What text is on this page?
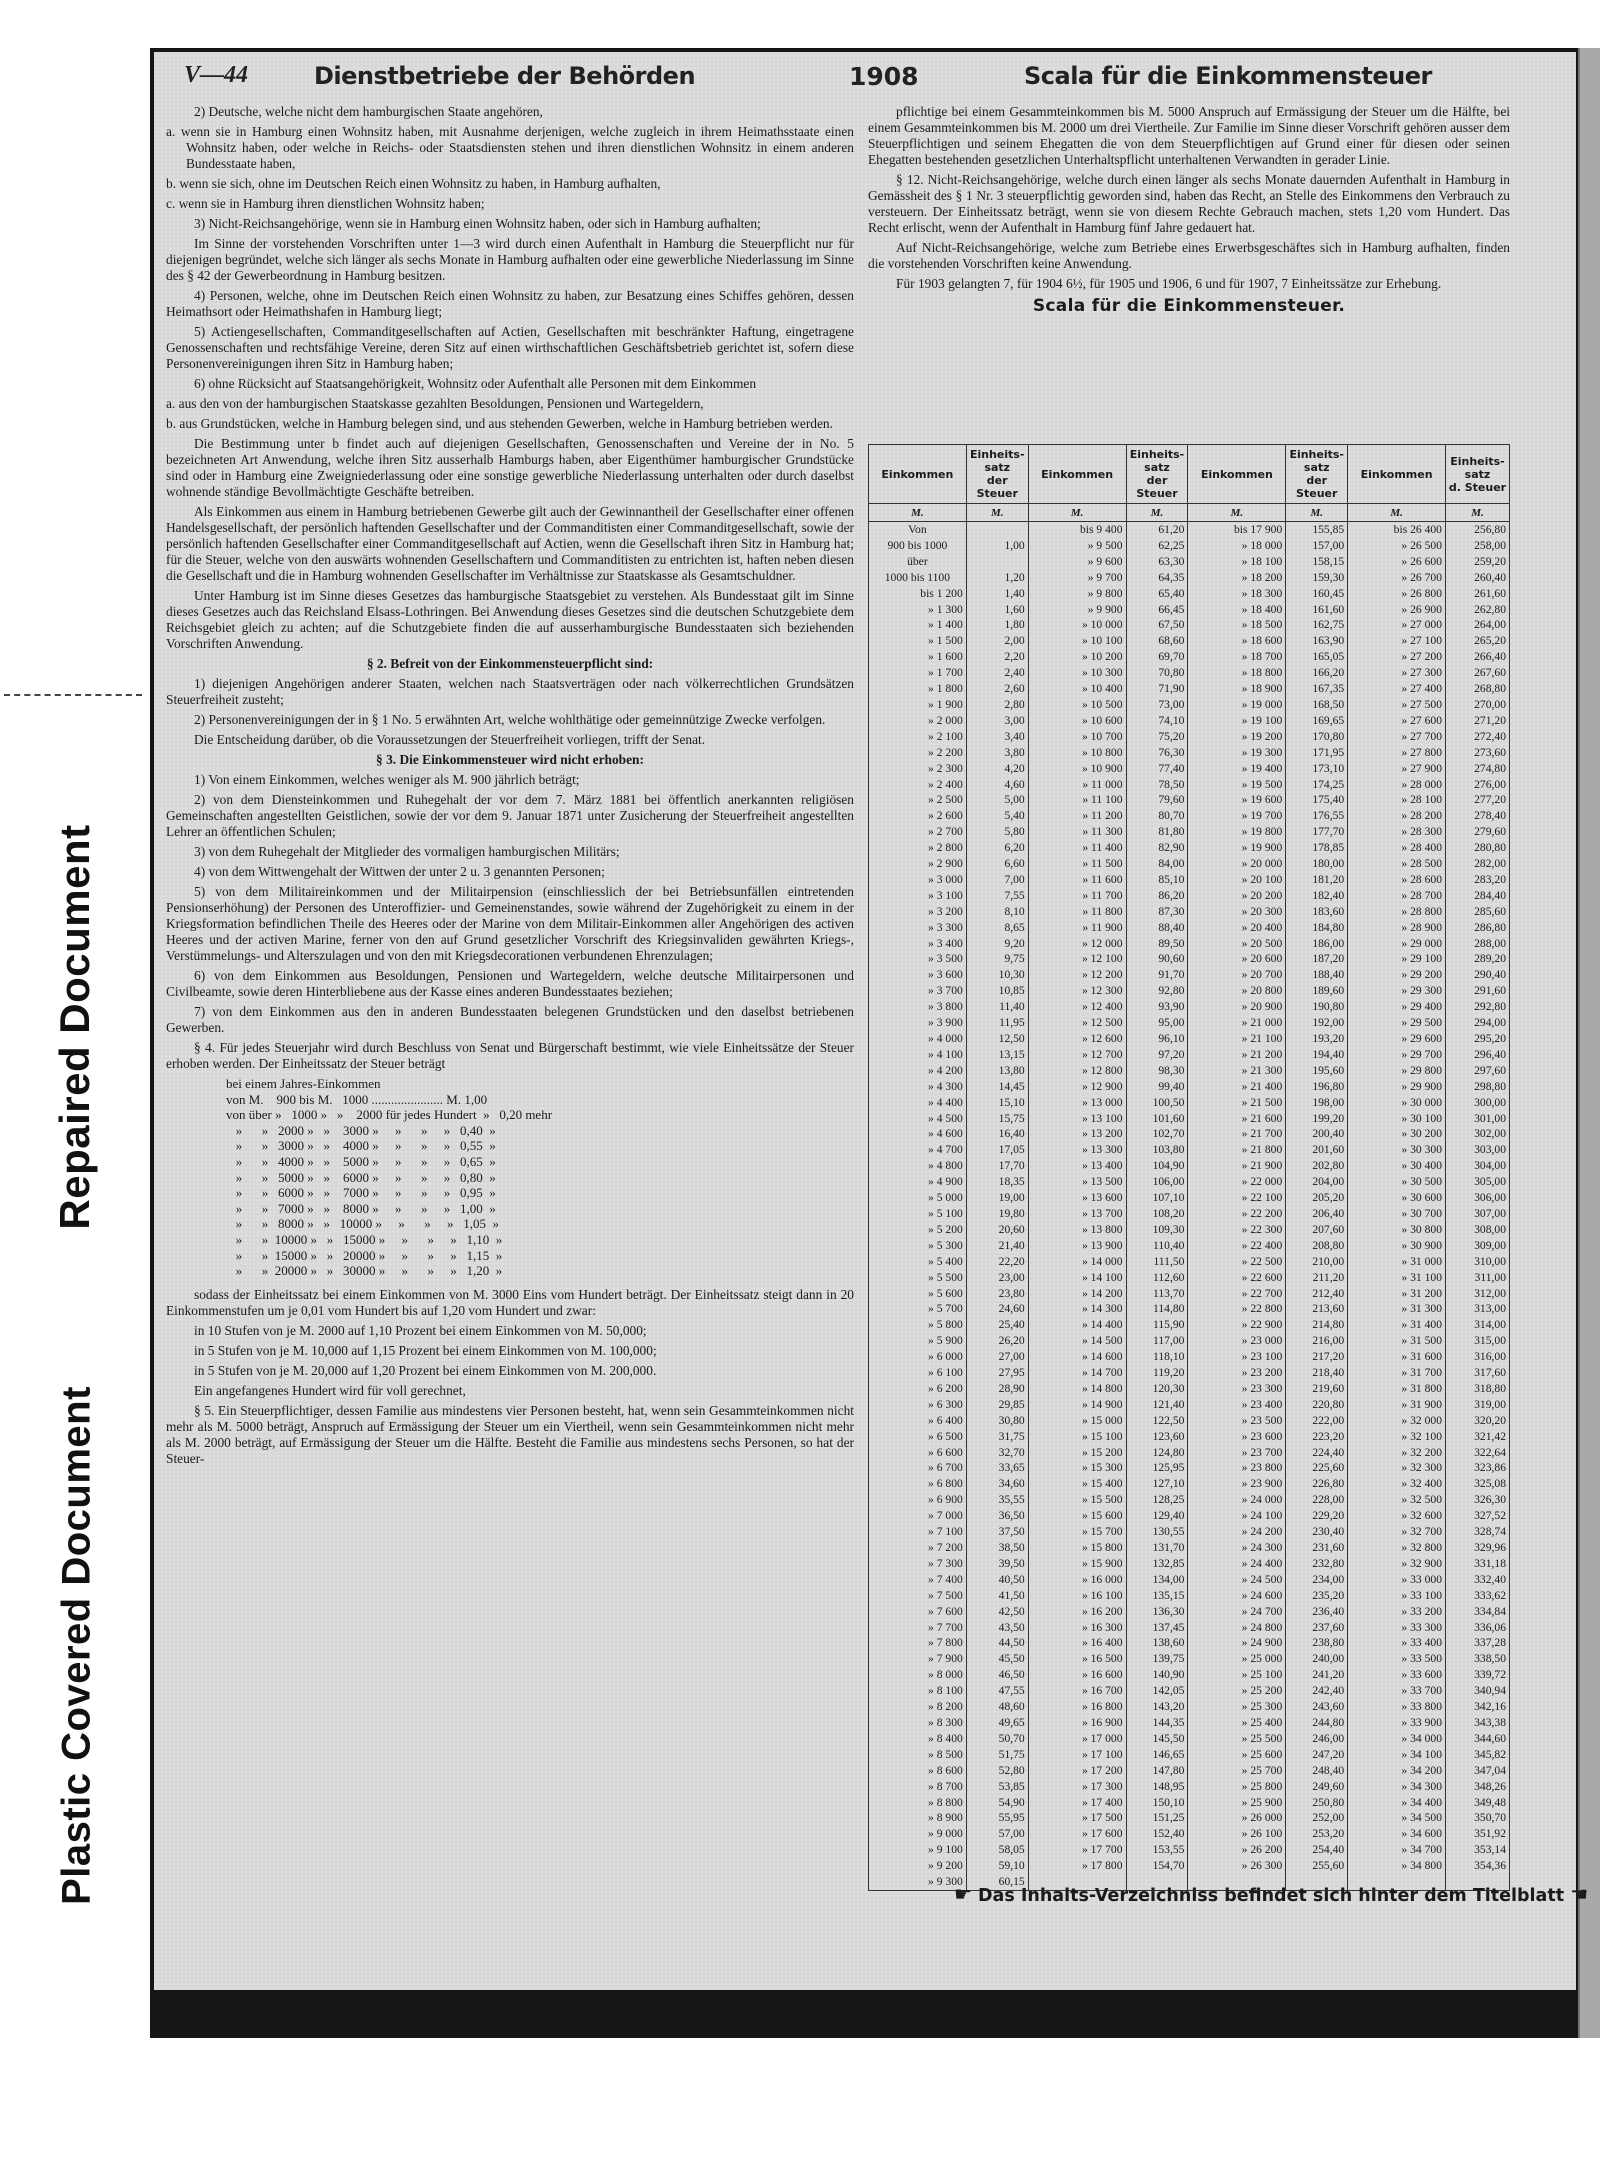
Repaired Document
Plastic Covered Document
V—44	Dienstbetriebe der Behörden	1908	Scala für die Einkommensteuer

2) Deutsche, welche nicht dem hamburgischen Staate angehören,

a. wenn sie in Hamburg einen Wohnsitz haben, mit Ausnahme derjenigen, welche zugleich in ihrem Heimathsstaate einen Wohnsitz haben, oder welche in Reichs- oder Staatsdiensten stehen und ihren dienstlichen Wohnsitz in einem anderen Bundesstaate haben,

b. wenn sie sich, ohne im Deutschen Reich einen Wohnsitz zu haben, in Hamburg aufhalten,

c. wenn sie in Hamburg ihren dienstlichen Wohnsitz haben;

3) Nicht-Reichsangehörige, wenn sie in Hamburg einen Wohnsitz haben, oder sich in Hamburg aufhalten;

Im Sinne der vorstehenden Vorschriften unter 1—3 wird durch einen Aufenthalt in Hamburg die Steuerpflicht nur für diejenigen begründet, welche sich länger als sechs Monate in Hamburg aufhalten oder eine gewerbliche Niederlassung im Sinne des § 42 der Gewerbeordnung in Hamburg besitzen.

4) Personen, welche, ohne im Deutschen Reich einen Wohnsitz zu haben, zur Besatzung eines Schiffes gehören, dessen Heimathsort oder Heimathshafen in Hamburg liegt;

5) Actiengesellschaften, Commanditgesellschaften auf Actien, Gesellschaften mit beschränkter Haftung, eingetragene Genossenschaften und rechtsfähige Vereine, deren Sitz auf einen wirthschaftlichen Geschäftsbetrieb gerichtet ist, sofern diese Personenvereinigungen ihren Sitz in Hamburg haben;

6) ohne Rücksicht auf Staatsangehörigkeit, Wohnsitz oder Aufenthalt alle Personen mit dem Einkommen

a. aus den von der hamburgischen Staatskasse gezahlten Besoldungen, Pensionen und Wartegeldern,

b. aus Grundstücken, welche in Hamburg belegen sind, und aus stehenden Gewerben, welche in Hamburg betrieben werden.

Die Bestimmung unter b findet auch auf diejenigen Gesellschaften, Genossenschaften und Vereine der in No. 5 bezeichneten Art Anwendung, welche ihren Sitz ausserhalb Hamburgs haben, aber Eigenthümer hamburgischer Grundstücke sind oder in Hamburg eine Zweigniederlassung oder eine sonstige gewerbliche Niederlassung unterhalten oder durch daselbst wohnende ständige Bevollmächtigte Geschäfte betreiben.

Als Einkommen aus einem in Hamburg betriebenen Gewerbe gilt auch der Gewinnantheil der Gesellschafter einer offenen Handelsgesellschaft, der persönlich haftenden Gesellschafter und der Commanditisten einer Commanditgesellschaft, sowie der persönlich haftenden Gesellschafter einer Commanditgesellschaft auf Actien, wenn die Gesellschaft ihren Sitz in Hamburg hat; für die Steuer, welche von den auswärts wohnenden Gesellschaftern und Commanditisten zu entrichten ist, haften neben diesen die Gesellschaft und die in Hamburg wohnenden Gesellschafter im Verhältnisse zur Staatskasse als Gesamtschuldner.

Unter Hamburg ist im Sinne dieses Gesetzes das hamburgische Staatsgebiet zu verstehen. Als Bundesstaat gilt im Sinne dieses Gesetzes auch das Reichsland Elsass-Lothringen. Bei Anwendung dieses Gesetzes sind die deutschen Schutzgebiete dem Reichsgebiet gleich zu achten; auf die Schutzgebiete finden die auf ausserhamburgische Bundesstaaten sich beziehenden Vorschriften Anwendung.

§ 2. Befreit von der Einkommensteuerpflicht sind:

1) diejenigen Angehörigen anderer Staaten, welchen nach Staatsverträgen oder nach völkerrechtlichen Grundsätzen Steuerfreiheit zusteht;

2) Personenvereinigungen der in § 1 No. 5 erwähnten Art, welche wohlthätige oder gemeinnützige Zwecke verfolgen.

Die Entscheidung darüber, ob die Voraussetzungen der Steuerfreiheit vorliegen, trifft der Senat.

§ 3. Die Einkommensteuer wird nicht erhoben:

1) Von einem Einkommen, welches weniger als M. 900 jährlich beträgt;

2) von dem Diensteinkommen und Ruhegehalt der vor dem 7. März 1881 bei öffentlich anerkannten religiösen Gemeinschaften angestellten Geistlichen, sowie der vor dem 9. Januar 1871 unter Zusicherung der Steuerfreiheit angestellten Lehrer an öffentlichen Schulen;

3) von dem Ruhegehalt der Mitglieder des vormaligen hamburgischen Militärs;

4) von dem Wittwengehalt der Wittwen der unter 2 u. 3 genannten Personen;

5) von dem Militaireinkommen und der Militairpension (einschliesslich der bei Betriebsunfällen eintretenden Pensionserhöhung) der Personen des Unteroffizier- und Gemeinenstandes, sowie während der Zugehörigkeit zu einem in der Kriegsformation befindlichen Theile des Heeres oder der Marine von dem Militair-Einkommen aller Angehörigen des activen Heeres und der activen Marine, ferner von den auf Grund gesetzlicher Vorschrift des Kriegsinvaliden gewährten Kriegs-, Verstümmelungs- und Alterszulagen und von den mit Kriegsdecorationen verbundenen Ehrenzulagen;

6) von dem Einkommen aus Besoldungen, Pensionen und Wartegeldern, welche deutsche Militairpersonen und Civilbeamte, sowie deren Hinterbliebene aus der Kasse eines anderen Bundesstaates beziehen;

7) von dem Einkommen aus den in anderen Bundesstaaten belegenen Grundstücken und den daselbst betriebenen Gewerben.

§ 4. Für jedes Steuerjahr wird durch Beschluss von Senat und Bürgerschaft bestimmt, wie viele Einheitssätze der Steuer erhoben werden. Der Einheitssatz der Steuer beträgt

bei einem Jahres-Einkommen
von M.    900 bis M.   1000 ...................... M. 1,00
von über »   1000 »   »    2000 für jedes Hundert  »   0,20 mehr
»      »   2000 »   »    3000 »     »      »     »   0,40  »
»      »   3000 »   »    4000 »     »      »     »   0,55  »
»      »   4000 »   »    5000 »     »      »     »   0,65  »
»      »   5000 »   »    6000 »     »      »     »   0,80  »
»      »   6000 »   »    7000 »     »      »     »   0,95  »
»      »   7000 »   »    8000 »     »      »     »   1,00  »
»      »   8000 »   »   10000 »     »      »     »   1,05  »
»      »  10000 »   »   15000 »     »      »     »   1,10  »
»      »  15000 »   »   20000 »     »      »     »   1,15  »
»      »  20000 »   »   30000 »     »      »     »   1,20  »

sodass der Einheitssatz bei einem Einkommen von M. 3000 Eins vom Hundert beträgt. Der Einheitssatz steigt dann in 20 Einkommenstufen um je 0,01 vom Hundert bis auf 1,20 vom Hundert und zwar:

in 10 Stufen von je M. 2000 auf 1,10 Prozent bei einem Einkommen von M. 50,000;

in 5 Stufen von je M. 10,000 auf 1,15 Prozent bei einem Einkommen von M. 100,000;

in 5 Stufen von je M. 20,000 auf 1,20 Prozent bei einem Einkommen von M. 200,000.

Ein angefangenes Hundert wird für voll gerechnet,

§ 5. Ein Steuerpflichtiger, dessen Familie aus mindestens vier Personen besteht, hat, wenn sein Gesammteinkommen nicht mehr als M. 5000 beträgt, Anspruch auf Ermässigung der Steuer um ein Viertheil, wenn sein Gesammteinkommen nicht mehr als M. 2000 beträgt, auf Ermässigung der Steuer um die Hälfte. Besteht die Familie aus mindestens sechs Personen, so hat der Steuer-

pflichtige bei einem Gesammteinkommen bis M. 5000 Anspruch auf Ermässigung der Steuer um die Hälfte, bei einem Gesammteinkommen bis M. 2000 um drei Viertheile. Zur Familie im Sinne dieser Vorschrift gehören ausser dem Steuerpflichtigen und seinem Ehegatten die von dem Steuerpflichtigen auf Grund einer für diesen oder seinen Ehegatten bestehenden gesetzlichen Unterhaltspflicht unterhaltenen Verwandten in gerader Linie.

§ 12. Nicht-Reichsangehörige, welche durch einen länger als sechs Monate dauernden Aufenthalt in Hamburg in Gemässheit des § 1 Nr. 3 steuerpflichtig geworden sind, haben das Recht, an Stelle des Einkommens den Verbrauch zu versteuern. Der Einheitssatz beträgt, wenn sie von diesem Rechte Gebrauch machen, stets 1,20 vom Hundert. Das Recht erlischt, wenn der Aufenthalt in Hamburg fünf Jahre gedauert hat.

Auf Nicht-Reichsangehörige, welche zum Betriebe eines Erwerbsgeschäftes sich in Hamburg aufhalten, finden die vorstehenden Vorschriften keine Anwendung.

Für 1903 gelangten 7, für 1904 6½, für 1905 und 1906, 6 und für 1907, 7 Einheitssätze zur Erhebung.

Scala für die Einkommensteuer.
Einkommen	Einheits-
satz
der Steuer	Einkommen	Einheits-
satz
der Steuer	Einkommen	Einheits-
satz
der Steuer	Einkommen	Einheits-
satz
d. Steuer
M.	M.	M.	M.	M.	M.	M.	M.
Von		bis 9 400	61,20	bis 17 900	155,85	bis 26 400	256,80
900 bis 1000	1,00	» 9 500	62,25	» 18 000	157,00	» 26 500	258,00
über		» 9 600	63,30	» 18 100	158,15	» 26 600	259,20
1000 bis 1100	1,20	» 9 700	64,35	» 18 200	159,30	» 26 700	260,40
bis 1 200	1,40	» 9 800	65,40	» 18 300	160,45	» 26 800	261,60
» 1 300	1,60	» 9 900	66,45	» 18 400	161,60	» 26 900	262,80
» 1 400	1,80	» 10 000	67,50	» 18 500	162,75	» 27 000	264,00
» 1 500	2,00	» 10 100	68,60	» 18 600	163,90	» 27 100	265,20
» 1 600	2,20	» 10 200	69,70	» 18 700	165,05	» 27 200	266,40
» 1 700	2,40	» 10 300	70,80	» 18 800	166,20	» 27 300	267,60
» 1 800	2,60	» 10 400	71,90	» 18 900	167,35	» 27 400	268,80
» 1 900	2,80	» 10 500	73,00	» 19 000	168,50	» 27 500	270,00
» 2 000	3,00	» 10 600	74,10	» 19 100	169,65	» 27 600	271,20
» 2 100	3,40	» 10 700	75,20	» 19 200	170,80	» 27 700	272,40
» 2 200	3,80	» 10 800	76,30	» 19 300	171,95	» 27 800	273,60
» 2 300	4,20	» 10 900	77,40	» 19 400	173,10	» 27 900	274,80
» 2 400	4,60	» 11 000	78,50	» 19 500	174,25	» 28 000	276,00
» 2 500	5,00	» 11 100	79,60	» 19 600	175,40	» 28 100	277,20
» 2 600	5,40	» 11 200	80,70	» 19 700	176,55	» 28 200	278,40
» 2 700	5,80	» 11 300	81,80	» 19 800	177,70	» 28 300	279,60
» 2 800	6,20	» 11 400	82,90	» 19 900	178,85	» 28 400	280,80
» 2 900	6,60	» 11 500	84,00	» 20 000	180,00	» 28 500	282,00
» 3 000	7,00	» 11 600	85,10	» 20 100	181,20	» 28 600	283,20
» 3 100	7,55	» 11 700	86,20	» 20 200	182,40	» 28 700	284,40
» 3 200	8,10	» 11 800	87,30	» 20 300	183,60	» 28 800	285,60
» 3 300	8,65	» 11 900	88,40	» 20 400	184,80	» 28 900	286,80
» 3 400	9,20	» 12 000	89,50	» 20 500	186,00	» 29 000	288,00
» 3 500	9,75	» 12 100	90,60	» 20 600	187,20	» 29 100	289,20
» 3 600	10,30	» 12 200	91,70	» 20 700	188,40	» 29 200	290,40
» 3 700	10,85	» 12 300	92,80	» 20 800	189,60	» 29 300	291,60
» 3 800	11,40	» 12 400	93,90	» 20 900	190,80	» 29 400	292,80
» 3 900	11,95	» 12 500	95,00	» 21 000	192,00	» 29 500	294,00
» 4 000	12,50	» 12 600	96,10	» 21 100	193,20	» 29 600	295,20
» 4 100	13,15	» 12 700	97,20	» 21 200	194,40	» 29 700	296,40
» 4 200	13,80	» 12 800	98,30	» 21 300	195,60	» 29 800	297,60
» 4 300	14,45	» 12 900	99,40	» 21 400	196,80	» 29 900	298,80
» 4 400	15,10	» 13 000	100,50	» 21 500	198,00	» 30 000	300,00
» 4 500	15,75	» 13 100	101,60	» 21 600	199,20	» 30 100	301,00
» 4 600	16,40	» 13 200	102,70	» 21 700	200,40	» 30 200	302,00
» 4 700	17,05	» 13 300	103,80	» 21 800	201,60	» 30 300	303,00
» 4 800	17,70	» 13 400	104,90	» 21 900	202,80	» 30 400	304,00
» 4 900	18,35	» 13 500	106,00	» 22 000	204,00	» 30 500	305,00
» 5 000	19,00	» 13 600	107,10	» 22 100	205,20	» 30 600	306,00
» 5 100	19,80	» 13 700	108,20	» 22 200	206,40	» 30 700	307,00
» 5 200	20,60	» 13 800	109,30	» 22 300	207,60	» 30 800	308,00
» 5 300	21,40	» 13 900	110,40	» 22 400	208,80	» 30 900	309,00
» 5 400	22,20	» 14 000	111,50	» 22 500	210,00	» 31 000	310,00
» 5 500	23,00	» 14 100	112,60	» 22 600	211,20	» 31 100	311,00
» 5 600	23,80	» 14 200	113,70	» 22 700	212,40	» 31 200	312,00
» 5 700	24,60	» 14 300	114,80	» 22 800	213,60	» 31 300	313,00
» 5 800	25,40	» 14 400	115,90	» 22 900	214,80	» 31 400	314,00
» 5 900	26,20	» 14 500	117,00	» 23 000	216,00	» 31 500	315,00
» 6 000	27,00	» 14 600	118,10	» 23 100	217,20	» 31 600	316,00
» 6 100	27,95	» 14 700	119,20	» 23 200	218,40	» 31 700	317,60
» 6 200	28,90	» 14 800	120,30	» 23 300	219,60	» 31 800	318,80
» 6 300	29,85	» 14 900	121,40	» 23 400	220,80	» 31 900	319,00
» 6 400	30,80	» 15 000	122,50	» 23 500	222,00	» 32 000	320,20
» 6 500	31,75	» 15 100	123,60	» 23 600	223,20	» 32 100	321,42
» 6 600	32,70	» 15 200	124,80	» 23 700	224,40	» 32 200	322,64
» 6 700	33,65	» 15 300	125,95	» 23 800	225,60	» 32 300	323,86
» 6 800	34,60	» 15 400	127,10	» 23 900	226,80	» 32 400	325,08
» 6 900	35,55	» 15 500	128,25	» 24 000	228,00	» 32 500	326,30
» 7 000	36,50	» 15 600	129,40	» 24 100	229,20	» 32 600	327,52
» 7 100	37,50	» 15 700	130,55	» 24 200	230,40	» 32 700	328,74
» 7 200	38,50	» 15 800	131,70	» 24 300	231,60	» 32 800	329,96
» 7 300	39,50	» 15 900	132,85	» 24 400	232,80	» 32 900	331,18
» 7 400	40,50	» 16 000	134,00	» 24 500	234,00	» 33 000	332,40
» 7 500	41,50	» 16 100	135,15	» 24 600	235,20	» 33 100	333,62
» 7 600	42,50	» 16 200	136,30	» 24 700	236,40	» 33 200	334,84
» 7 700	43,50	» 16 300	137,45	» 24 800	237,60	» 33 300	336,06
» 7 800	44,50	» 16 400	138,60	» 24 900	238,80	» 33 400	337,28
» 7 900	45,50	» 16 500	139,75	» 25 000	240,00	» 33 500	338,50
» 8 000	46,50	» 16 600	140,90	» 25 100	241,20	» 33 600	339,72
» 8 100	47,55	» 16 700	142,05	» 25 200	242,40	» 33 700	340,94
» 8 200	48,60	» 16 800	143,20	» 25 300	243,60	» 33 800	342,16
» 8 300	49,65	» 16 900	144,35	» 25 400	244,80	» 33 900	343,38
» 8 400	50,70	» 17 000	145,50	» 25 500	246,00	» 34 000	344,60
» 8 500	51,75	» 17 100	146,65	» 25 600	247,20	» 34 100	345,82
» 8 600	52,80	» 17 200	147,80	» 25 700	248,40	» 34 200	347,04
» 8 700	53,85	» 17 300	148,95	» 25 800	249,60	» 34 300	348,26
» 8 800	54,90	» 17 400	150,10	» 25 900	250,80	» 34 400	349,48
» 8 900	55,95	» 17 500	151,25	» 26 000	252,00	» 34 500	350,70
» 9 000	57,00	» 17 600	152,40	» 26 100	253,20	» 34 600	351,92
» 9 100	58,05	» 17 700	153,55	» 26 200	254,40	» 34 700	353,14
» 9 200	59,10	» 17 800	154,70	» 26 300	255,60	» 34 800	354,36
» 9 300	60,15						
☛ Das Inhalts-Verzeichniss befindet sich hinter dem Titelblatt ☚
